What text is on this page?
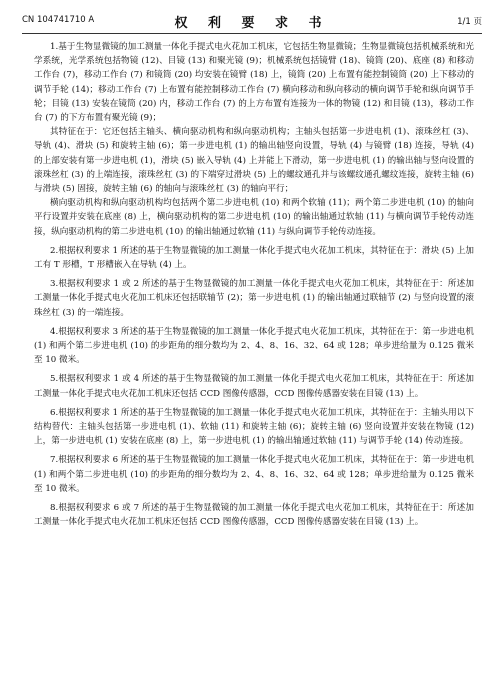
CN 104741710 A	权 利 要 求 书	1/1 页

1.基于生物显微镜的加工测量一体化手提式电火花加工机床，它包括生物显微镜；生物显微镜包括机械系统和光学系统，光学系统包括物镜 (12)、目镜 (13) 和聚光镜 (9)；机械系统包括镜臂 (18)、镜筒 (20)、底座 (8) 和移动工作台 (7)，移动工作台 (7) 和镜筒 (20) 均安装在镜臂 (18) 上，镜筒 (20) 上布置有能控制镜筒 (20) 上下移动的调节手轮 (14)；移动工作台 (7) 上布置有能控制移动工作台 (7) 横向移动和纵向移动的横向调节手轮和纵向调节手轮；目镜 (13) 安装在镜筒 (20) 内，移动工作台 (7) 的上方布置有连接为一体的物镜 (12) 和目镜 (13)，移动工作台 (7) 的下方布置有聚光镜 (9)；

其特征在于：它还包括主轴头、横向驱动机构和纵向驱动机构；主轴头包括第一步进电机 (1)、滚珠丝杠 (3)、导轨 (4)、滑块 (5) 和旋转主轴 (6)；第一步进电机 (1) 的输出轴竖向设置，导轨 (4) 与镜臂 (18) 连接，导轨 (4) 的上部安装有第一步进电机 (1)，滑块 (5) 嵌入导轨 (4) 上并能上下滑动，第一步进电机 (1) 的输出轴与竖向设置的滚珠丝杠 (3) 的上端连接，滚珠丝杠 (3) 的下端穿过滑块 (5) 上的螺纹通孔并与该螺纹通孔螺纹连接，旋转主轴 (6) 与滑块 (5) 固接，旋转主轴 (6) 的轴向与滚珠丝杠 (3) 的轴向平行；

横向驱动机构和纵向驱动机构均包括两个第二步进电机 (10) 和两个软轴 (11)；两个第二步进电机 (10) 的轴向平行设置并安装在底座 (8) 上，横向驱动机构的第二步进电机 (10) 的输出轴通过软轴 (11) 与横向调节手轮传动连接，纵向驱动机构的第二步进电机 (10) 的输出轴通过软轴 (11) 与纵向调节手轮传动连接。

2.根据权利要求 1 所述的基于生物显微镜的加工测量一体化手提式电火花加工机床，其特征在于：滑块 (5) 上加工有 T 形槽，T 形槽嵌入在导轨 (4) 上。

3.根据权利要求 1 或 2 所述的基于生物显微镜的加工测量一体化手提式电火花加工机床，其特征在于：所述加工测量一体化手提式电火花加工机床还包括联轴节 (2)；第一步进电机 (1) 的输出轴通过联轴节 (2) 与竖向设置的滚珠丝杠 (3) 的一端连接。

4.根据权利要求 3 所述的基于生物显微镜的加工测量一体化手提式电火花加工机床，其特征在于：第一步进电机 (1) 和两个第二步进电机 (10) 的步距角的细分数均为 2、4、8、16、32、64 或 128；单步进给量为 0.125 微米至 10 微米。

5.根据权利要求 1 或 4 所述的基于生物显微镜的加工测量一体化手提式电火花加工机床，其特征在于：所述加工测量一体化手提式电火花加工机床还包括 CCD 图像传感器，CCD 图像传感器安装在目镜 (13) 上。

6.根据权利要求 1 所述的基于生物显微镜的加工测量一体化手提式电火花加工机床，其特征在于：主轴头用以下结构替代：主轴头包括第一步进电机 (1)、软轴 (11) 和旋转主轴 (6)；旋转主轴 (6) 竖向设置并安装在物镜 (12) 上，第一步进电机 (1) 安装在底座 (8) 上，第一步进电机 (1) 的输出轴通过软轴 (11) 与调节手轮 (14) 传动连接。

7.根据权利要求 6 所述的基于生物显微镜的加工测量一体化手提式电火花加工机床，其特征在于：第一步进电机 (1) 和两个第二步进电机 (10) 的步距角的细分数均为 2、4、8、16、32、64 或 128；单步进给量为 0.125 微米至 10 微米。

8.根据权利要求 6 或 7 所述的基于生物显微镜的加工测量一体化手提式电火花加工机床，其特征在于：所述加工测量一体化手提式电火花加工机床还包括 CCD 图像传感器，CCD 图像传感器安装在目镜 (13) 上。
